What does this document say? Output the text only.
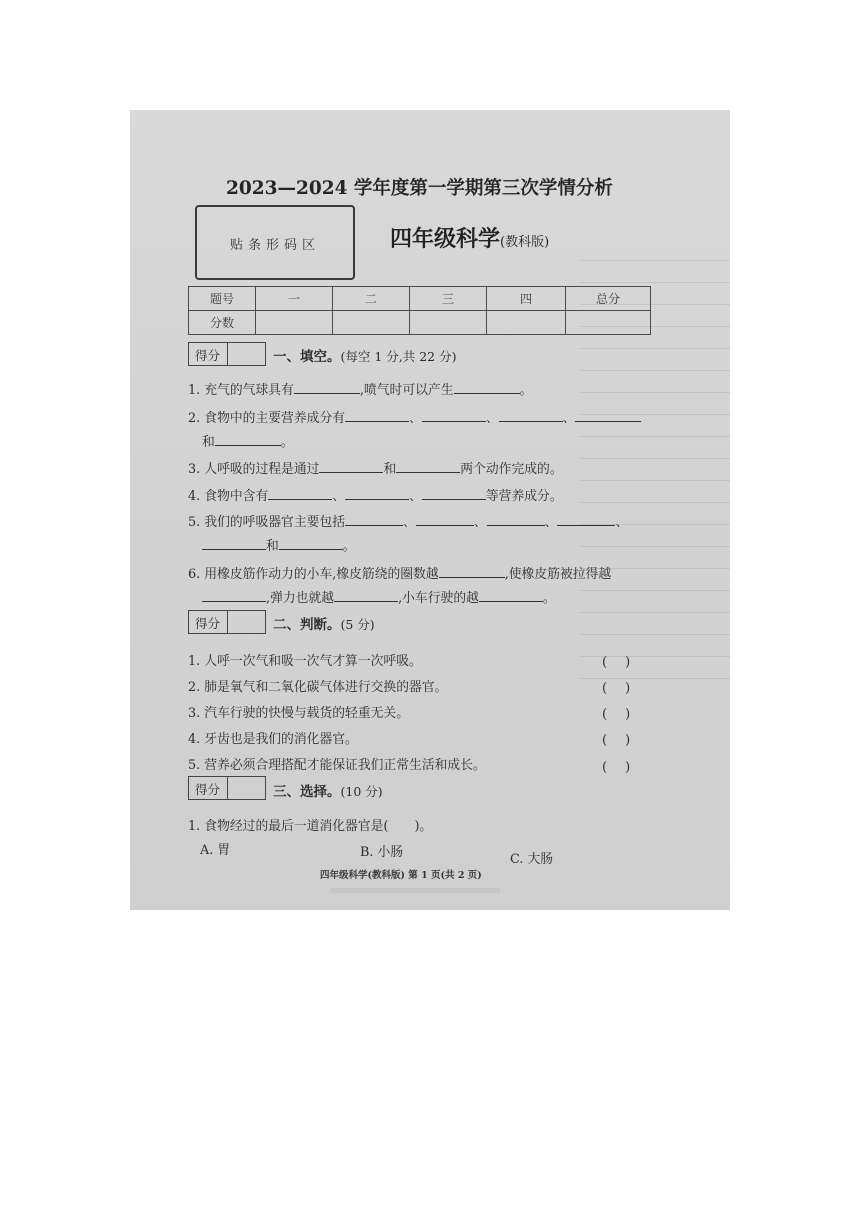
2023—2024 学年度第一学期第三次学情分析
贴条形码区	四年级科学(教科版)
题号	一	二	三	四	总分
分数					
得分	一、填空。(每空 1 分,共 22 分)
1. 充气的气球具有	,喷气时可以产生	。
2. 食物中的主要营养成分有	、	、	、
和	。
3. 人呼吸的过程是通过	和	两个动作完成的。
4. 食物中含有	、	、	等营养成分。
5. 我们的呼吸器官主要包括	、	、	、	、
和	。
6. 用橡皮筋作动力的小车,橡皮筋绕的圈数越	,使橡皮筋被拉得越
,弹力也就越	,小车行驶的越	。
得分	二、判断。(5 分)
1. 人呼一次气和吸一次气才算一次呼吸。	()
2. 肺是氧气和二氧化碳气体进行交换的器官。	()
3. 汽车行驶的快慢与载货的轻重无关。	()
4. 牙齿也是我们的消化器官。	()
5. 营养必须合理搭配才能保证我们正常生活和成长。	()
得分	三、选择。(10 分)
1. 食物经过的最后一道消化器官是( )。
A. 胃	B. 小肠	C. 大肠
四年级科学(教科版) 第 1 页(共 2 页)
